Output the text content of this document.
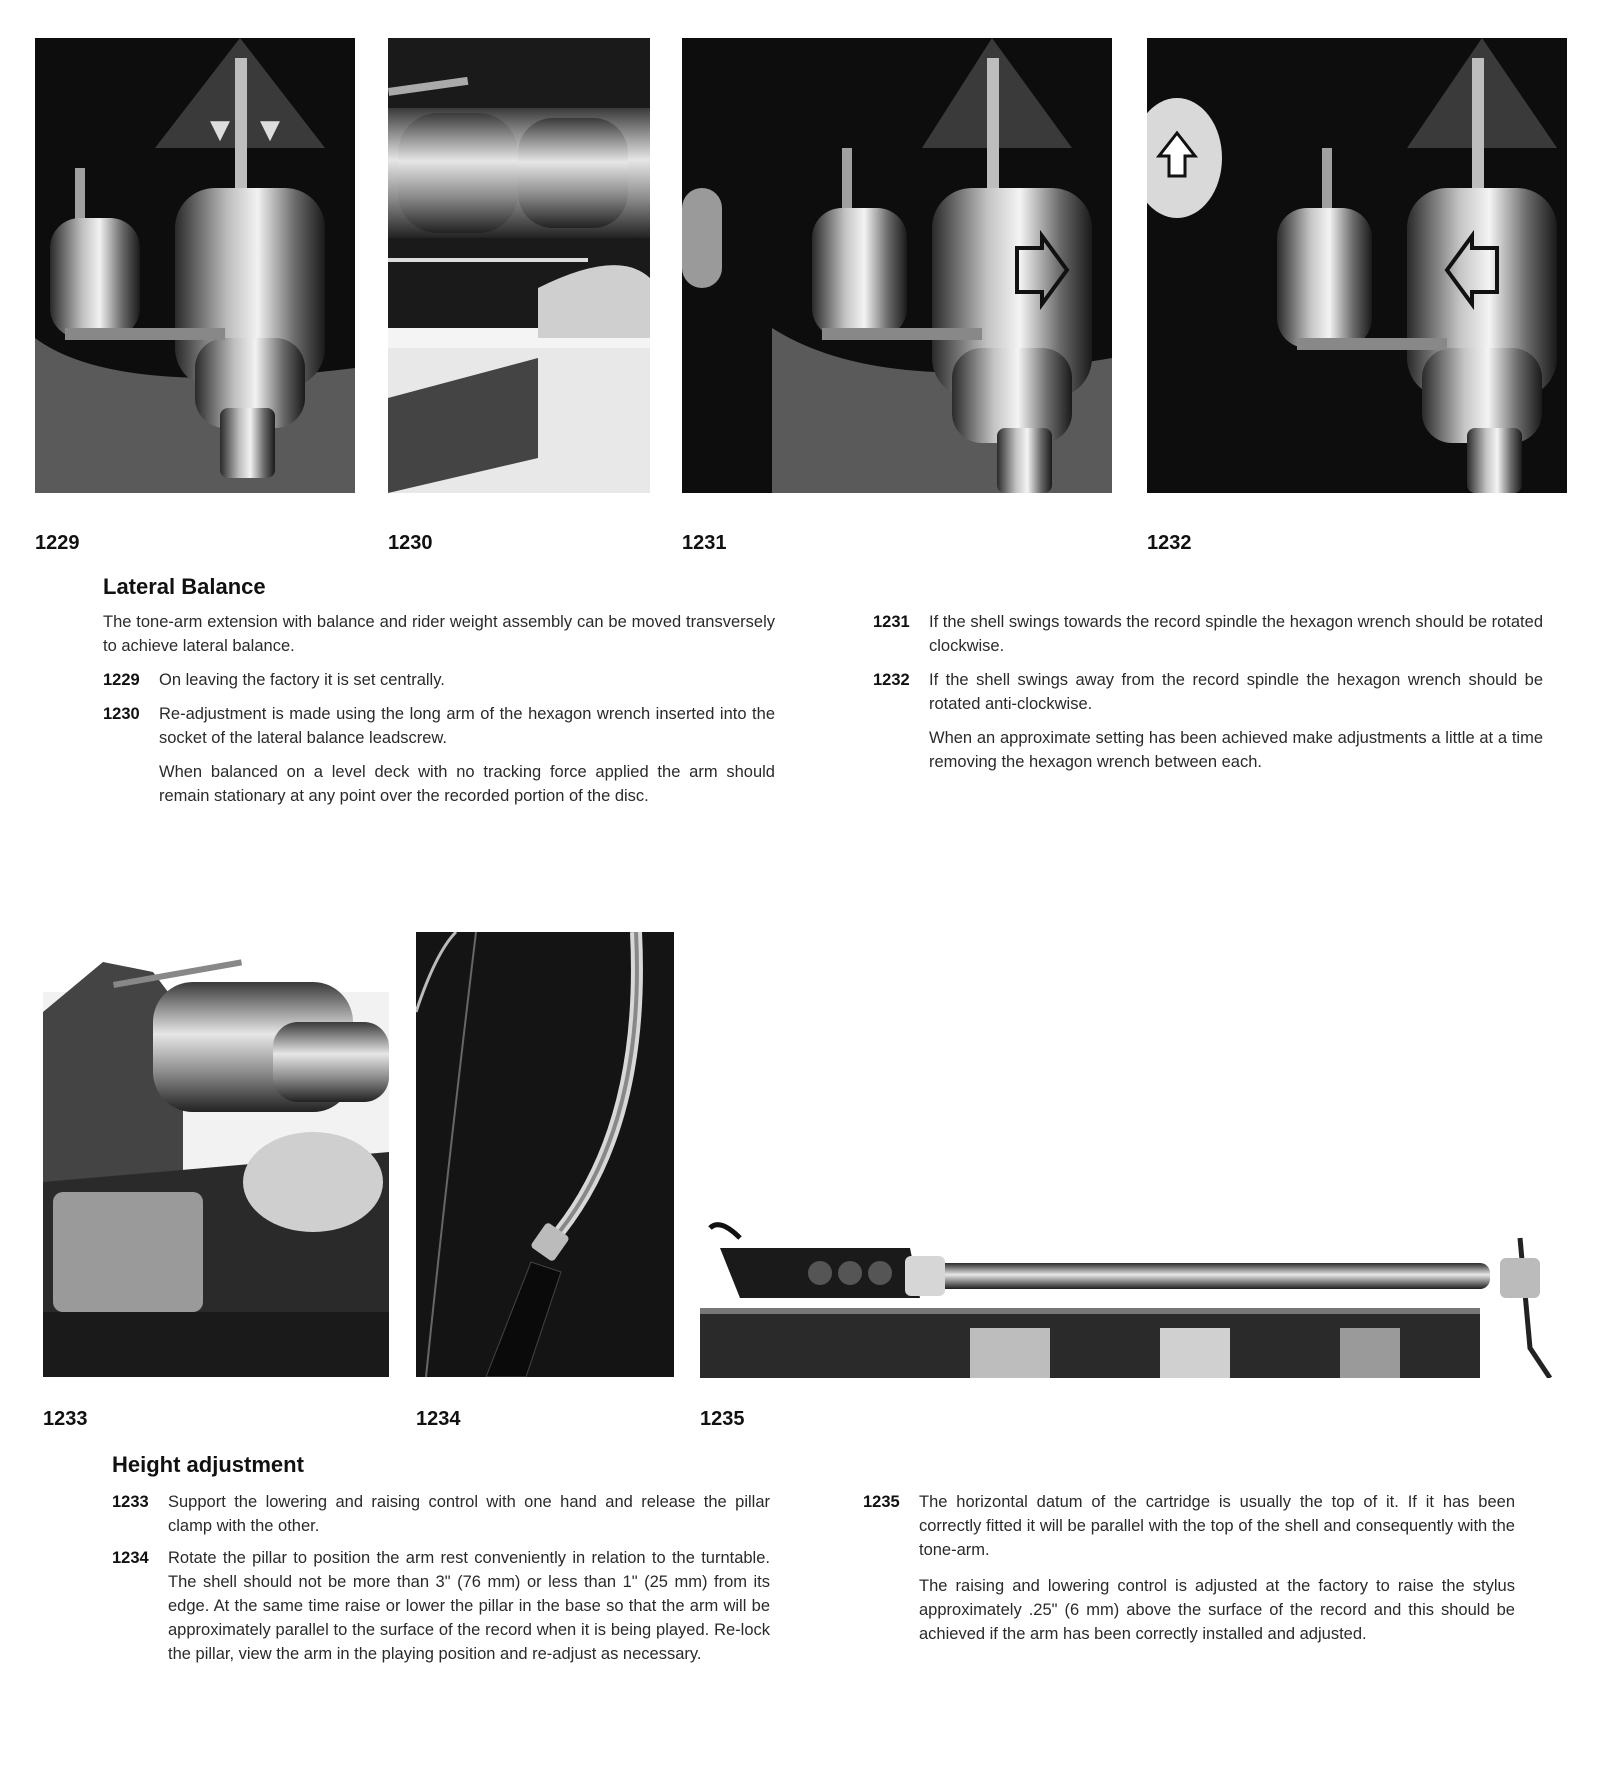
▼ ▼
1229	1230	1231	1232
Lateral Balance
The tone-arm extension with balance and rider weight assembly can be moved transversely to achieve lateral balance.
1229 On leaving the factory it is set centrally.
1230 Re-adjustment is made using the long arm of the hexagon wrench inserted into the socket of the lateral balance leadscrew.
When balanced on a level deck with no tracking force applied the arm should remain stationary at any point over the recorded portion of the disc.
1231 If the shell swings towards the record spindle the hexagon wrench should be rotated clockwise.
1232 If the shell swings away from the record spindle the hexagon wrench should be rotated anti-clockwise.
When an approximate setting has been achieved make adjustments a little at a time removing the hexagon wrench between each.
1233	1234	1235
Height adjustment
1233 Support the lowering and raising control with one hand and release the pillar clamp with the other.
1234 Rotate the pillar to position the arm rest conveniently in relation to the turntable. The shell should not be more than 3" (76 mm) or less than 1" (25 mm) from its edge. At the same time raise or lower the pillar in the base so that the arm will be approximately parallel to the surface of the record when it is being played. Re-lock the pillar, view the arm in the playing position and re-adjust as necessary.
1235 The horizontal datum of the cartridge is usually the top of it. If it has been correctly fitted it will be parallel with the top of the shell and consequently with the tone-arm.
The raising and lowering control is adjusted at the factory to raise the stylus approximately .25" (6 mm) above the surface of the record and this should be achieved if the arm has been correctly installed and adjusted.
